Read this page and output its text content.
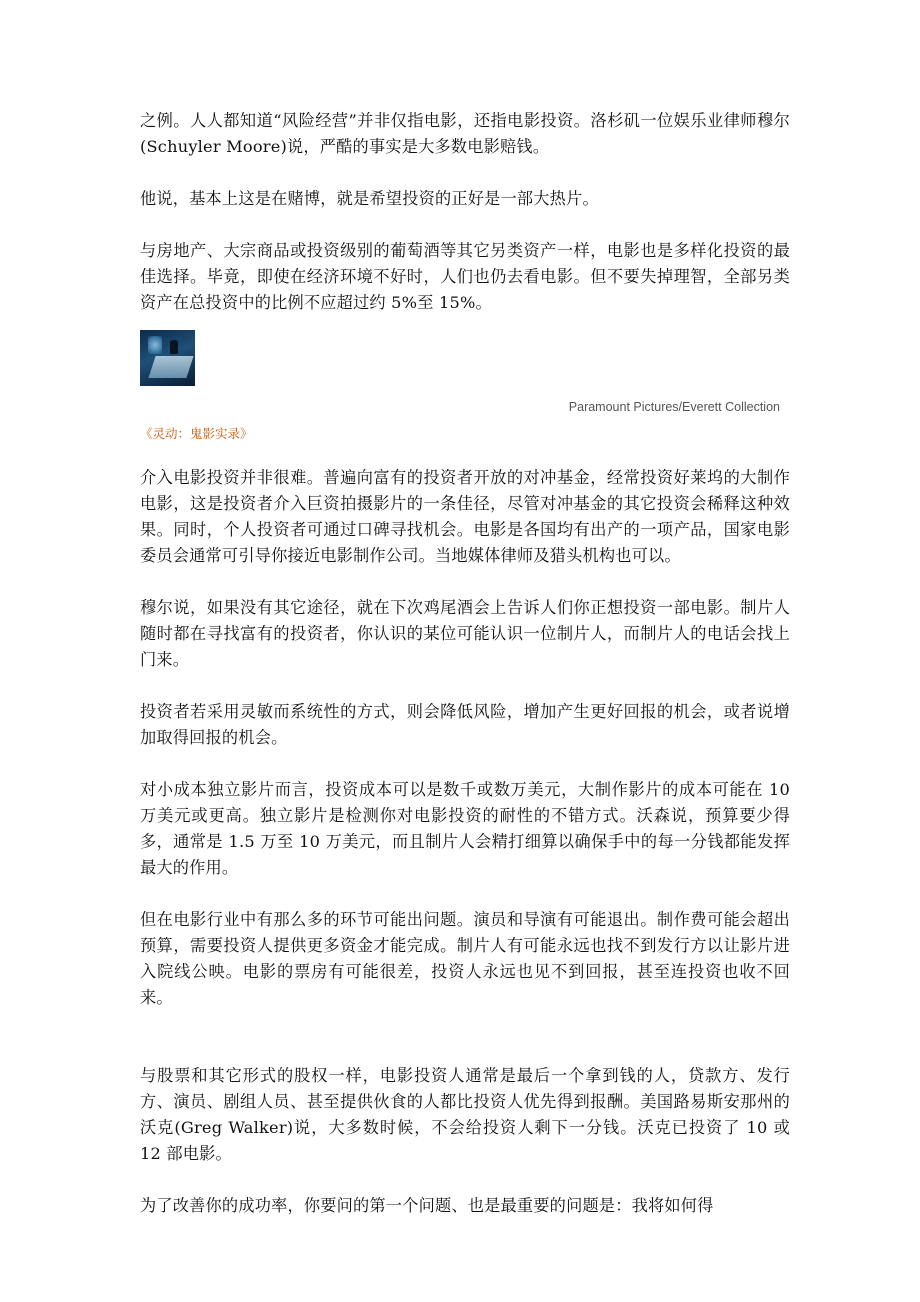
之例。人人都知道“风险经营”并非仅指电影，还指电影投资。洛杉矶一位娱乐业律师穆尔(Schuyler Moore)说，严酷的事实是大多数电影赔钱。

他说，基本上这是在赌博，就是希望投资的正好是一部大热片。

与房地产、大宗商品或投资级别的葡萄酒等其它另类资产一样，电影也是多样化投资的最佳选择。毕竟，即使在经济环境不好时，人们也仍去看电影。但不要失掉理智，全部另类资产在总投资中的比例不应超过约 5%至 15%。

Paramount Pictures/Everett Collection
《灵动：鬼影实录》

介入电影投资并非很难。普遍向富有的投资者开放的对冲基金，经常投资好莱坞的大制作电影，这是投资者介入巨资拍摄影片的一条佳径，尽管对冲基金的其它投资会稀释这种效果。同时，个人投资者可通过口碑寻找机会。电影是各国均有出产的一项产品，国家电影委员会通常可引导你接近电影制作公司。当地媒体律师及猎头机构也可以。

穆尔说，如果没有其它途径，就在下次鸡尾酒会上告诉人们你正想投资一部电影。制片人随时都在寻找富有的投资者，你认识的某位可能认识一位制片人，而制片人的电话会找上门来。

投资者若采用灵敏而系统性的方式，则会降低风险，增加产生更好回报的机会，或者说增加取得回报的机会。

对小成本独立影片而言，投资成本可以是数千或数万美元，大制作影片的成本可能在 10 万美元或更高。独立影片是检测你对电影投资的耐性的不错方式。沃森说，预算要少得多，通常是 1.5 万至 10 万美元，而且制片人会精打细算以确保手中的每一分钱都能发挥最大的作用。

但在电影行业中有那么多的环节可能出问题。演员和导演有可能退出。制作费可能会超出预算，需要投资人提供更多资金才能完成。制片人有可能永远也找不到发行方以让影片进入院线公映。电影的票房有可能很差，投资人永远也见不到回报，甚至连投资也收不回来。

与股票和其它形式的股权一样，电影投资人通常是最后一个拿到钱的人，贷款方、发行方、演员、剧组人员、甚至提供伙食的人都比投资人优先得到报酬。美国路易斯安那州的沃克(Greg Walker)说，大多数时候，不会给投资人剩下一分钱。沃克已投资了 10 或 12 部电影。

为了改善你的成功率，你要问的第一个问题、也是最重要的问题是：我将如何得
